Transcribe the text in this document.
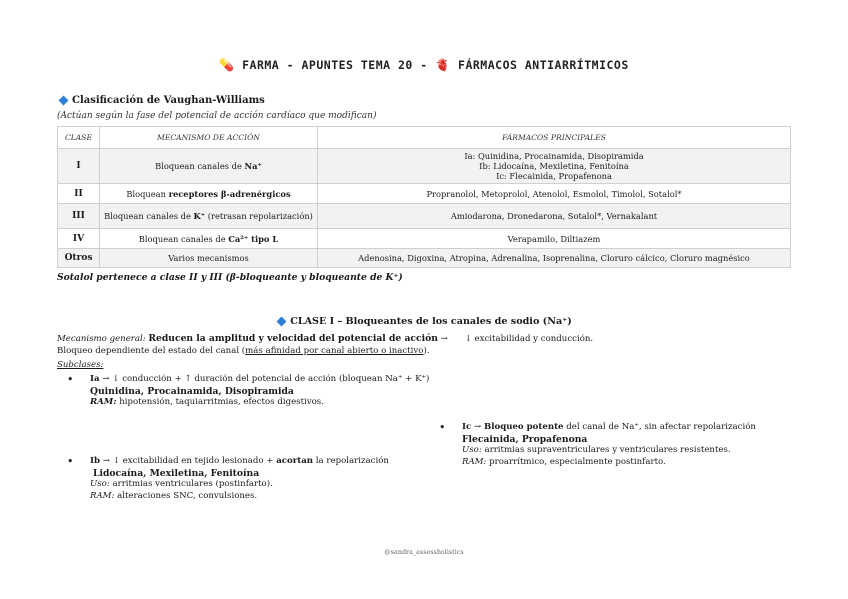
💊 FARMA - APUNTES TEMA 20 - 🫀 FÁRMACOS ANTIARRÍTMICOS
Clasificación de Vaughan-Williams
(Actúan según la fase del potencial de acción cardíaco que modifican)
CLASE	MECANISMO DE ACCIÓN	FÁRMACOS PRINCIPALES
I	Bloquean canales de Na⁺	Ia: Quinidina, Procainamida, Disopiramida
Ib: Lidocaína, Mexiletina, Fenitoína
Ic: Flecainida, Propafenona

II	Bloquean receptores β-adrenérgicos	Propranolol, Metoprolol, Atenolol, Esmolol, Timolol, Sotalol*
III	Bloquean canales de K⁺ (retrasan repolarización)	Amiodarona, Dronedarona, Sotalol*, Vernakalant
IV	Bloquean canales de Ca²⁺ tipo L	Verapamilo, Diltiazem
Otros	Varios mecanismos	Adenosina, Digoxina, Atropina, Adrenalina, Isoprenalina, Cloruro cálcico, Cloruro magnésico
Sotalol pertenece a clase II y III (β-bloqueante y bloqueante de K⁺)
CLASE I – Bloqueantes de los canales de sodio (Na⁺)
Mecanismo general: Reducen la amplitud y velocidad del potencial de acción → ↓ excitabilidad y conducción.
Bloqueo dependiente del estado del canal (más afinidad por canal abierto o inactivo).
Subclases:
• Ia → ↓ conducción + ↑ duración del potencial de acción (bloquean Na⁺ + K⁺)
Quinidina, Procainamida, Disopiramida
RAM: hipotensión, taquiarritmias, efectos digestivos.
• Ib → ↓ excitabilidad en tejido lesionado + acortan la repolarización
Lidocaína, Mexiletina, Fenitoína
Uso: arritmias ventriculares (postinfarto).
RAM: alteraciones SNC, convulsiones.
• Ic → Bloqueo potente del canal de Na⁺, sin afectar repolarización
Flecainida, Propafenona
Uso: arritmias supraventriculares y ventriculares resistentes.
RAM: proarrítmico, especialmente postinfarto.
@sandra_assessholistics
